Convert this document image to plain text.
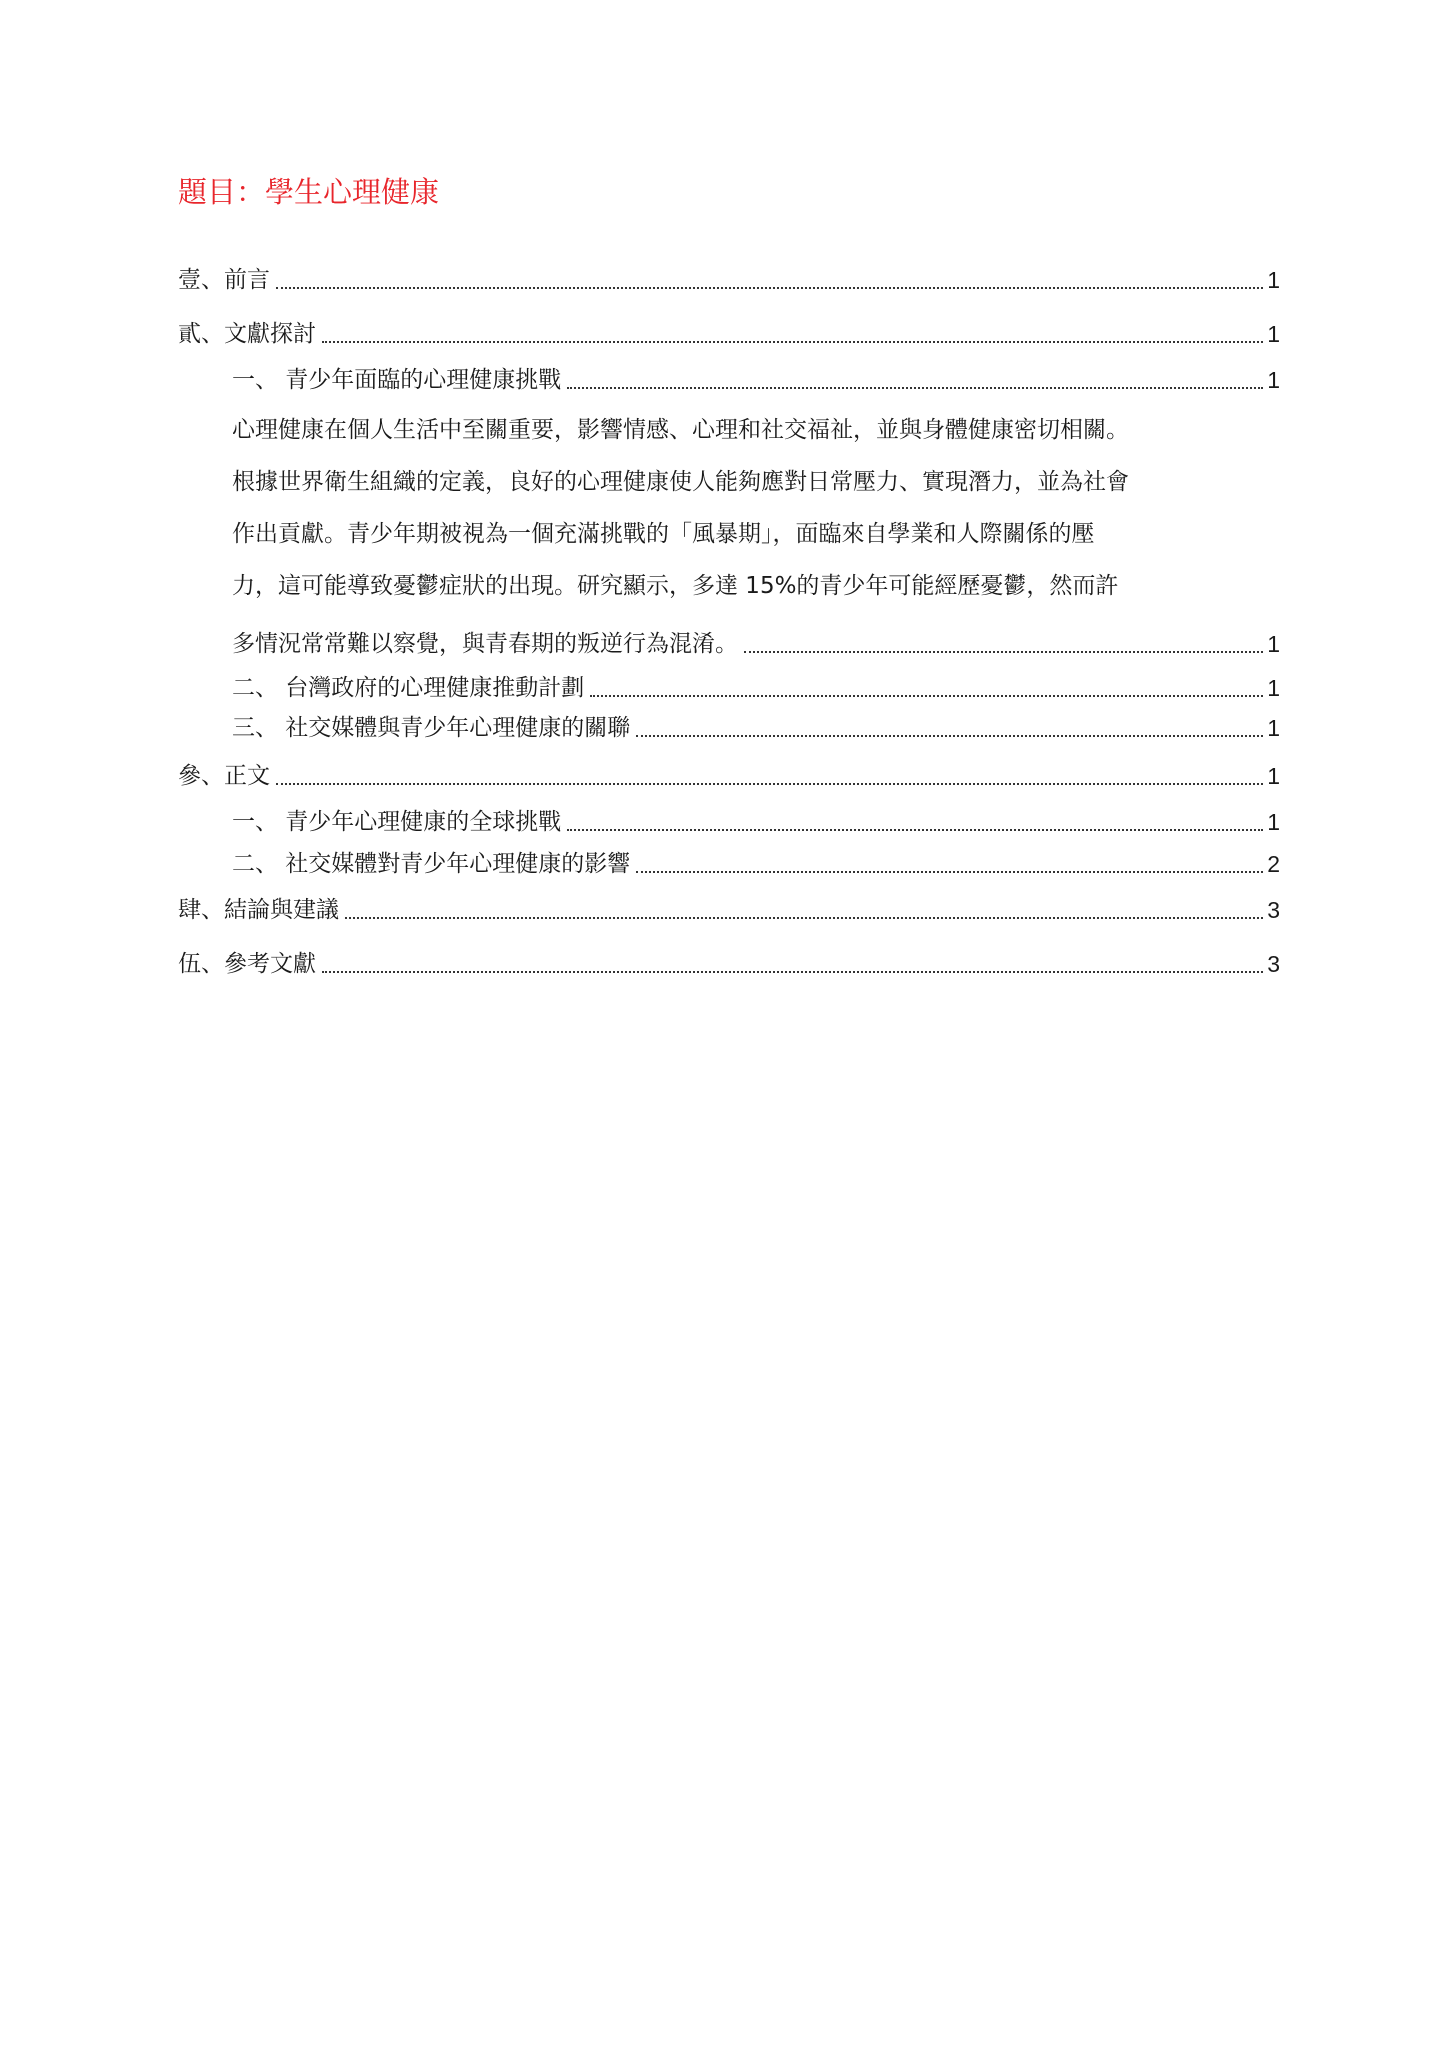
題目：學生心理健康
壹、前言	1
貳、文獻探討	1
一、 青少年面臨的心理健康挑戰	1
心理健康在個人生活中至關重要，影響情感、心理和社交福祉，並與身體健康密切相關。
根據世界衛生組織的定義，良好的心理健康使人能夠應對日常壓力、實現潛力，並為社會
作出貢獻。青少年期被視為一個充滿挑戰的「風暴期」，面臨來自學業和人際關係的壓
力，這可能導致憂鬱症狀的出現。研究顯示，多達 15%的青少年可能經歷憂鬱，然而許
多情況常常難以察覺，與青春期的叛逆行為混淆。	1
二、 台灣政府的心理健康推動計劃	1
三、 社交媒體與青少年心理健康的關聯	1
參、正文	1
一、 青少年心理健康的全球挑戰	1
二、 社交媒體對青少年心理健康的影響	2
肆、結論與建議	3
伍、參考文獻	3
